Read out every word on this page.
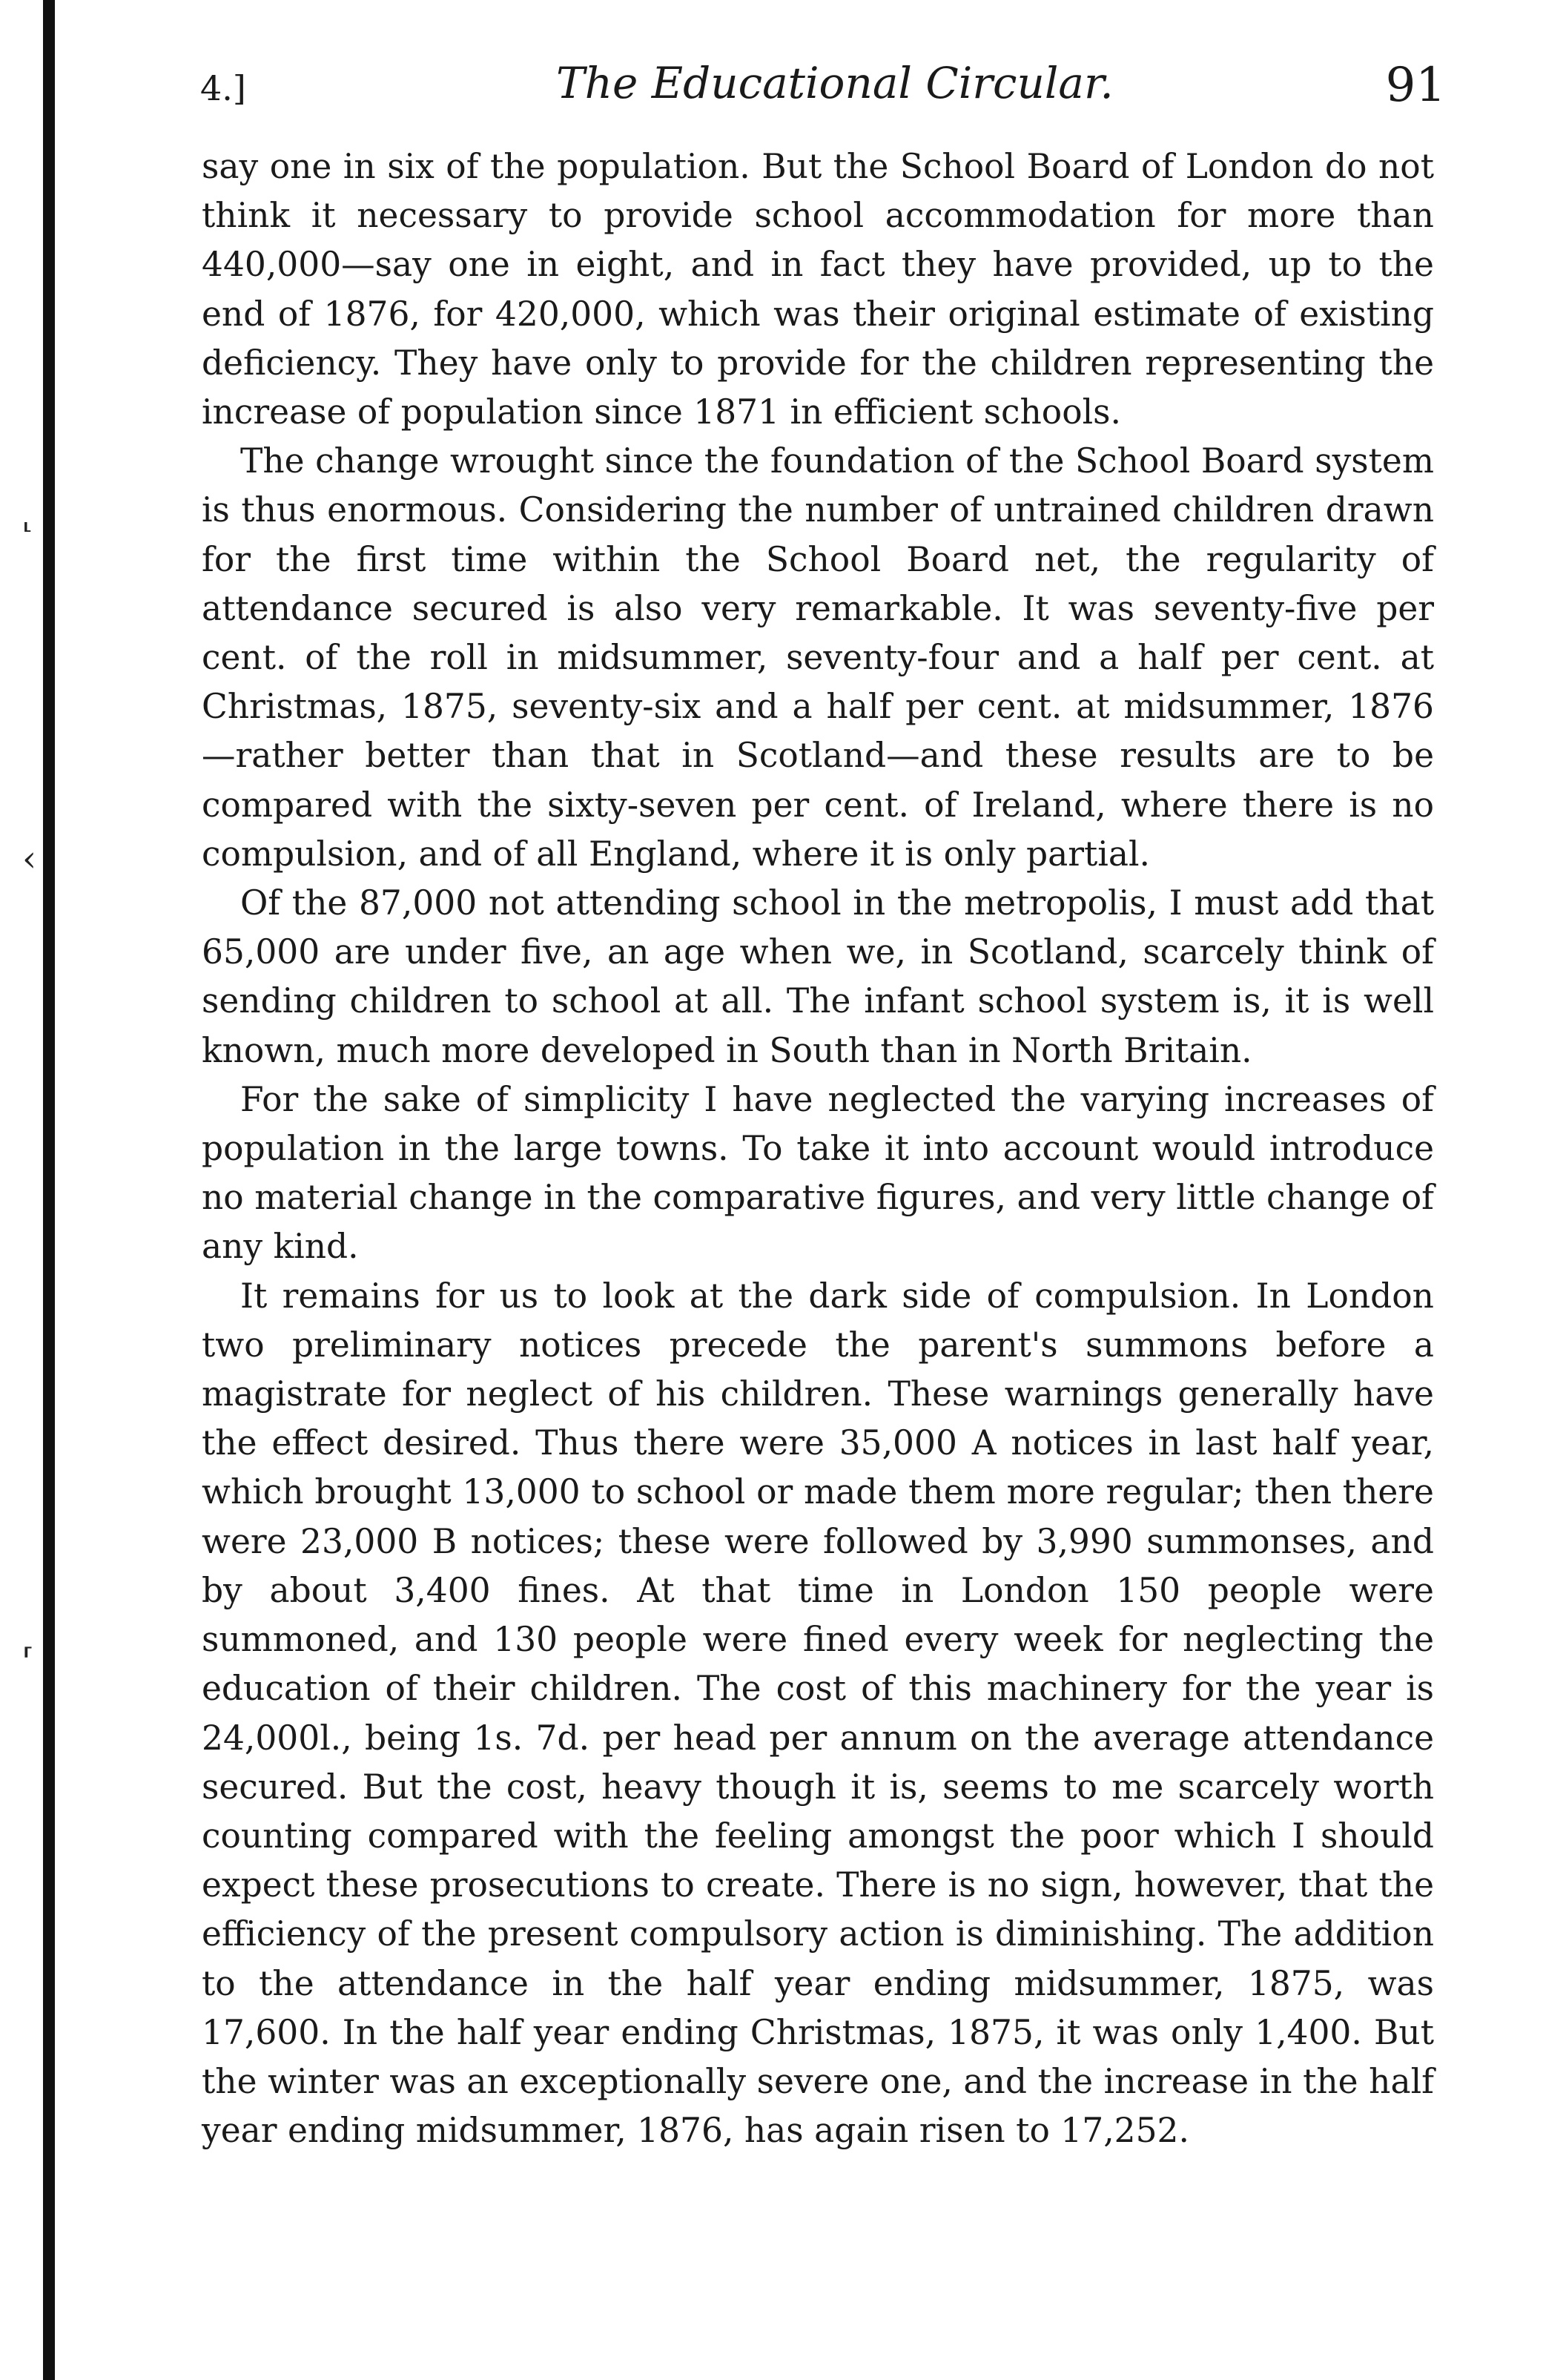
‹
4.]	The Educational Circular.	91

say one in six of the population. But the School Board of London do not think it necessary to provide school accommodation for more than 440,000—say one in eight, and in fact they have provided, up to the end of 1876, for 420,000, which was their original estimate of existing deficiency. They have only to provide for the children representing the increase of population since 1871 in efficient schools.

The change wrought since the foundation of the School Board system is thus enormous. Considering the number of untrained children drawn for the first time within the School Board net, the regularity of attendance secured is also very remarkable. It was seventy-five per cent. of the roll in midsummer, seventy-four and a half per cent. at Christmas, 1875, seventy-six and a half per cent. at midsummer, 1876—rather better than that in Scotland—and these results are to be compared with the sixty-seven per cent. of Ireland, where there is no compulsion, and of all England, where it is only partial.

Of the 87,000 not attending school in the metropolis, I must add that 65,000 are under five, an age when we, in Scotland, scarcely think of sending children to school at all. The infant school system is, it is well known, much more developed in South than in North Britain.

For the sake of simplicity I have neglected the varying increases of population in the large towns. To take it into account would introduce no material change in the comparative figures, and very little change of any kind.

It remains for us to look at the dark side of compulsion. In London two preliminary notices precede the parent's summons before a magistrate for neglect of his children. These warnings generally have the effect desired. Thus there were 35,000 A notices in last half year, which brought 13,000 to school or made them more regular; then there were 23,000 B notices; these were followed by 3,990 summonses, and by about 3,400 fines. At that time in London 150 people were summoned, and 130 people were fined every week for neglecting the education of their children. The cost of this machinery for the year is 24,000l., being 1s. 7d. per head per annum on the average attendance secured. But the cost, heavy though it is, seems to me scarcely worth counting compared with the feeling amongst the poor which I should expect these prosecutions to create. There is no sign, however, that the efficiency of the present compulsory action is diminishing. The addition to the attendance in the half year ending midsummer, 1875, was 17,600. In the half year ending Christmas, 1875, it was only 1,400. But the winter was an exceptionally severe one, and the increase in the half year ending midsummer, 1876, has again risen to 17,252.

⸤
⸢
